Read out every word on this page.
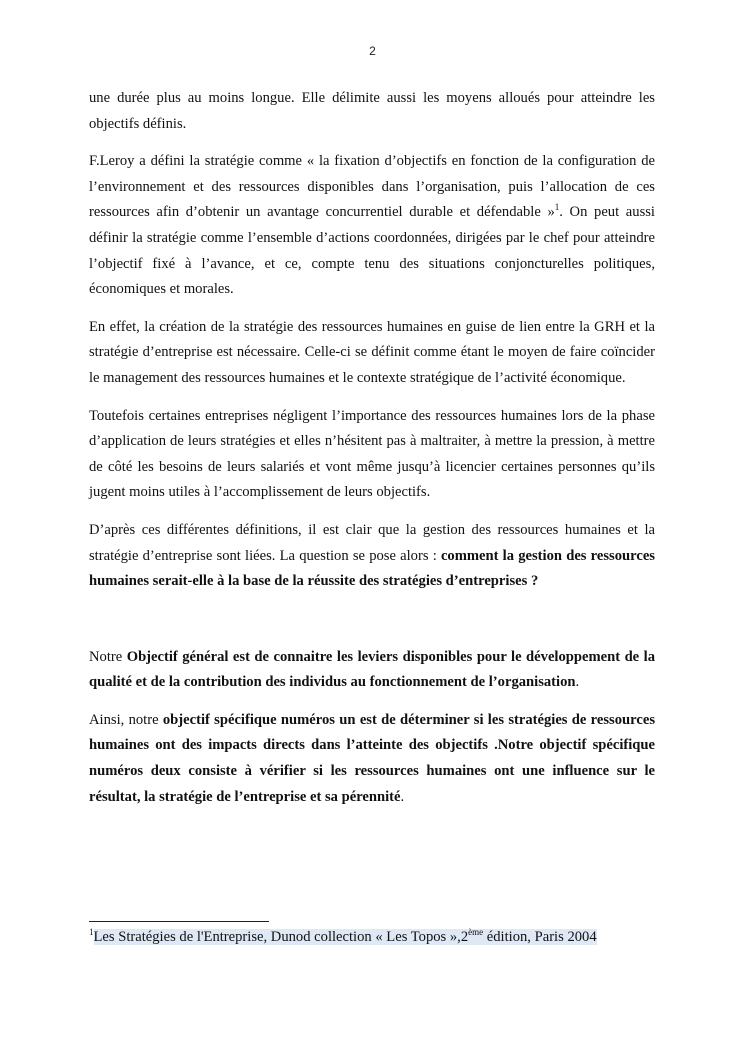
2

une durée plus au moins longue. Elle délimite aussi les moyens alloués pour atteindre les objectifs définis.

F.Leroy a défini la stratégie comme « la fixation d’objectifs en fonction de la configuration de l’environnement et des ressources disponibles dans l’organisation, puis l’allocation de ces ressources afin d’obtenir un avantage concurrentiel durable et défendable »$^1$. On peut aussi définir la stratégie comme l’ensemble d’actions coordonnées, dirigées par le chef pour atteindre l’objectif fixé à l’avance, et ce, compte tenu des situations conjoncturelles politiques, économiques et morales.

En effet, la création de la stratégie des ressources humaines en guise de lien entre la GRH et la stratégie d’entreprise est nécessaire. Celle-ci se définit comme étant le moyen de faire coïncider le management des ressources humaines et le contexte stratégique de l’activité économique.

Toutefois certaines entreprises négligent l’importance des ressources humaines lors de la phase d’application de leurs stratégies et elles n’hésitent pas à maltraiter, à mettre la pression, à mettre de côté les besoins de leurs salariés et vont même jusqu’à licencier certaines personnes qu’ils jugent moins utiles à l’accomplissement de leurs objectifs.

D’après ces différentes définitions, il est clair que la gestion des ressources humaines et la stratégie d’entreprise sont liées. La question se pose alors : comment la gestion des ressources humaines serait-elle à la base de la réussite des stratégies d’entreprises ?

Notre Objectif général est de connaitre les leviers disponibles pour le développement de la qualité et de la contribution des individus au fonctionnement de l’organisation.

Ainsi, notre objectif spécifique numéros un est de déterminer si les stratégies de ressources humaines ont des impacts directs dans l’atteinte des objectifs .Notre objectif spécifique numéros deux consiste à vérifier si les ressources humaines ont une influence sur le résultat, la stratégie de l’entreprise et sa pérennité.

$^1$Les Stratégies de l'Entreprise, Dunod collection « Les Topos »,2ème édition, Paris 2004
